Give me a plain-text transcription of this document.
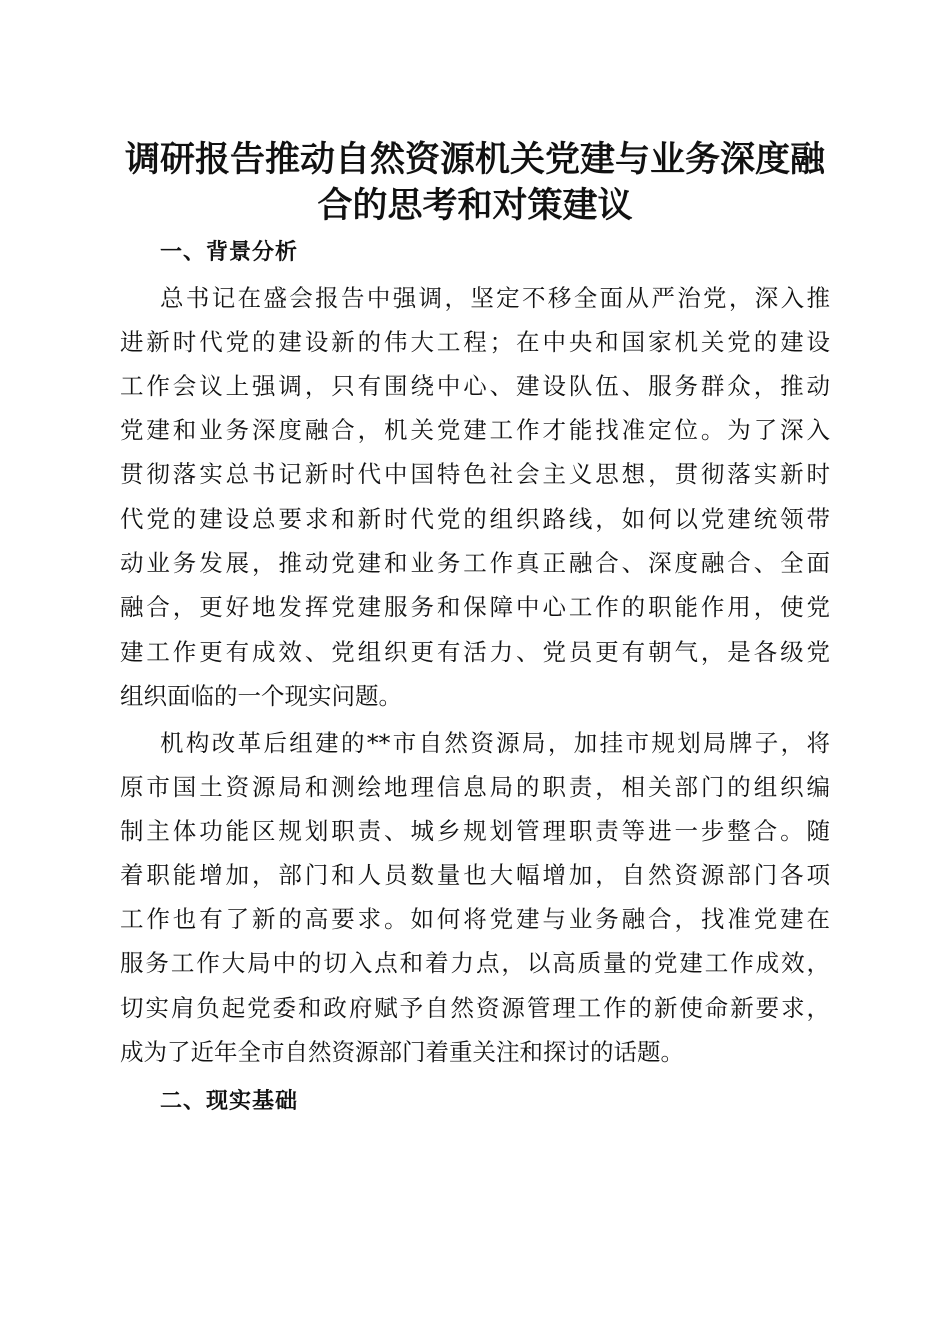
调研报告推动自然资源机关党建与业务深度融
合的思考和对策建议
一、背景分析

总书记在盛会报告中强调，坚定不移全面从严治党，深入推

进新时代党的建设新的伟大工程；在中央和国家机关党的建设

工作会议上强调，只有围绕中心、建设队伍、服务群众，推动

党建和业务深度融合，机关党建工作才能找准定位。为了深入

贯彻落实总书记新时代中国特色社会主义思想，贯彻落实新时

代党的建设总要求和新时代党的组织路线，如何以党建统领带

动业务发展，推动党建和业务工作真正融合、深度融合、全面

融合，更好地发挥党建服务和保障中心工作的职能作用，使党

建工作更有成效、党组织更有活力、党员更有朝气，是各级党

组织面临的一个现实问题。

机构改革后组建的**市自然资源局，加挂市规划局牌子，将

原市国土资源局和测绘地理信息局的职责，相关部门的组织编

制主体功能区规划职责、城乡规划管理职责等进一步整合。随

着职能增加，部门和人员数量也大幅增加，自然资源部门各项

工作也有了新的高要求。如何将党建与业务融合，找准党建在

服务工作大局中的切入点和着力点，以高质量的党建工作成效，

切实肩负起党委和政府赋予自然资源管理工作的新使命新要求，

成为了近年全市自然资源部门着重关注和探讨的话题。

二、现实基础
